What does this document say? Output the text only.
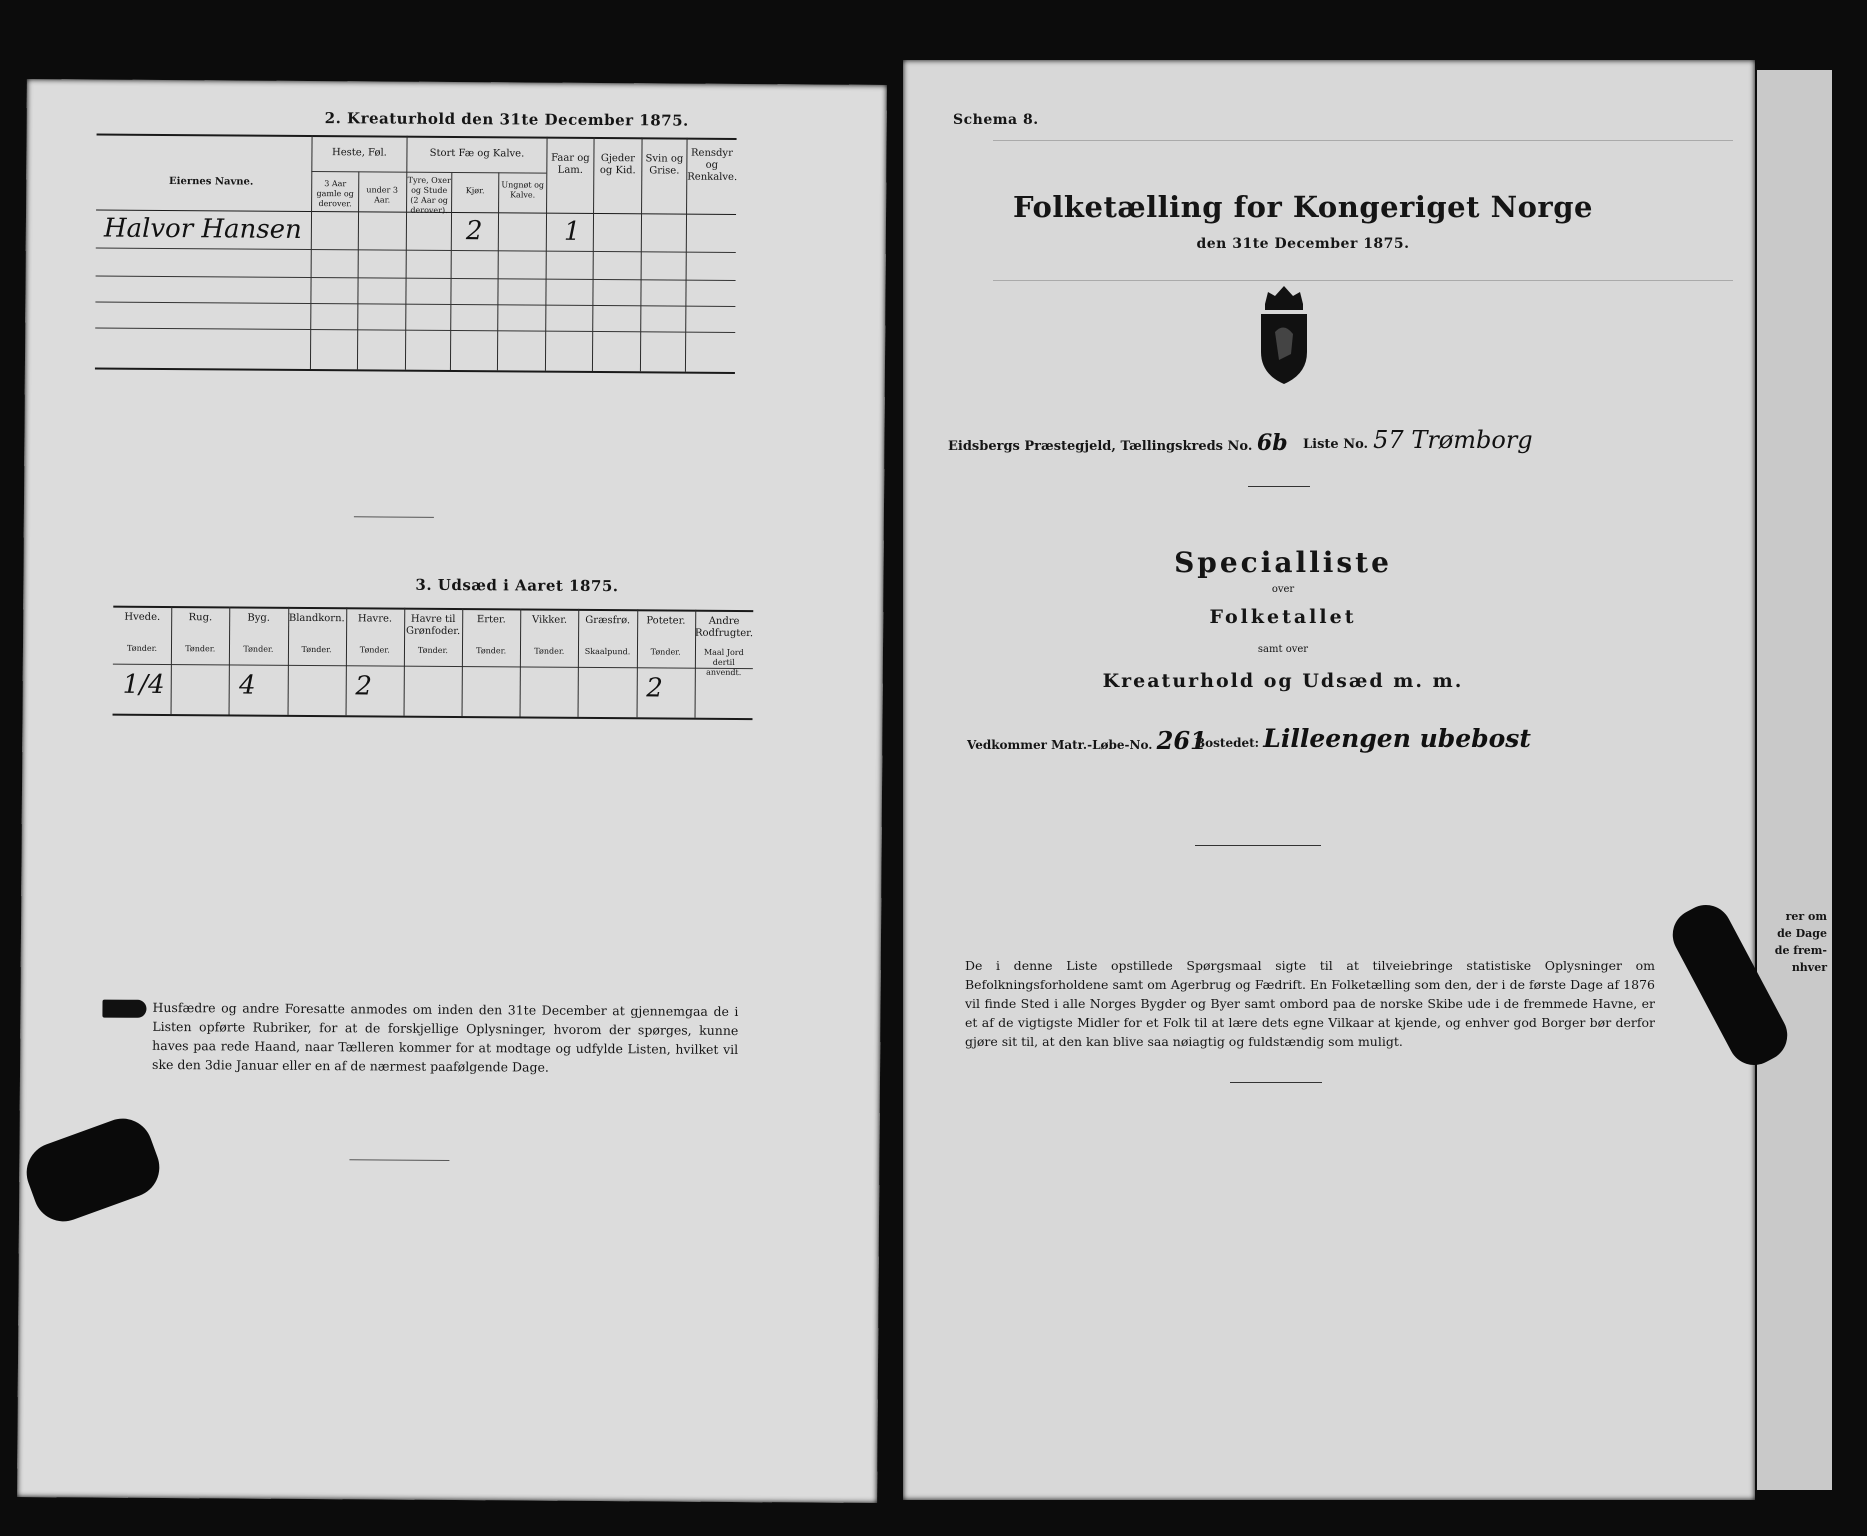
2. Kreaturhold den 31te December 1875.
Eiernes Navne.
Heste, Føl.
3 Aar gamle og derover.
under 3 Aar.
Stort Fæ og Kalve.
Tyre, Oxer og Stude (2 Aar og derover).
Kjør.
Ungnøt og Kalve.
Faar og Lam.
Gjeder og Kid.
Svin og Grise.
Rensdyr og Renkalve.
Halvor Hansen	2	1
3. Udsæd i Aaret 1875.
Hvede.
Tønder.
1/4
Rug.
Tønder.
Byg.
Tønder.
4
Blandkorn.
Tønder.
Havre.
Tønder.
2
Havre til Grønfoder.
Tønder.
Erter.
Tønder.
Vikker.
Tønder.
Græsfrø.
Skaalpund.
Poteter.
Tønder.
2
Andre Rodfrugter.
Maal Jord dertil anvendt.
Husfædre og andre Foresatte anmodes om inden den 31te December at gjennemgaa de i Listen opførte Rubriker, for at de forskjellige Oplysninger, hvorom der spørges, kunne haves paa rede Haand, naar Tælleren kommer for at modtage og udfylde Listen, hvilket vil ske den 3die Januar eller en af de nærmest paafølgende Dage.
Schema 8.
Folketælling for Kongeriget Norge
den 31te December 1875.
Eidsbergs Præstegjeld, Tællingskreds No. 6b Liste No. 57 Trømborg
Specialliste
over
Folketallet
samt over
Kreaturhold og Udsæd m. m.
Vedkommer Matr.-Løbe-No. 261
Bostedet: Lilleengen ubebost
De i denne Liste opstillede Spørgsmaal sigte til at tilveiebringe statistiske Oplysninger om Befolkningsforholdene samt om Agerbrug og Fædrift. En Folketælling som den, der i de første Dage af 1876 vil finde Sted i alle Norges Bygder og Byer samt ombord paa de norske Skibe ude i de fremmede Havne, er et af de vigtigste Midler for et Folk til at lære dets egne Vilkaar at kjende, og enhver god Borger bør derfor gjøre sit til, at den kan blive saa nøiagtig og fuldstændig som muligt.
rer om
de Dage
de frem-
nhver
